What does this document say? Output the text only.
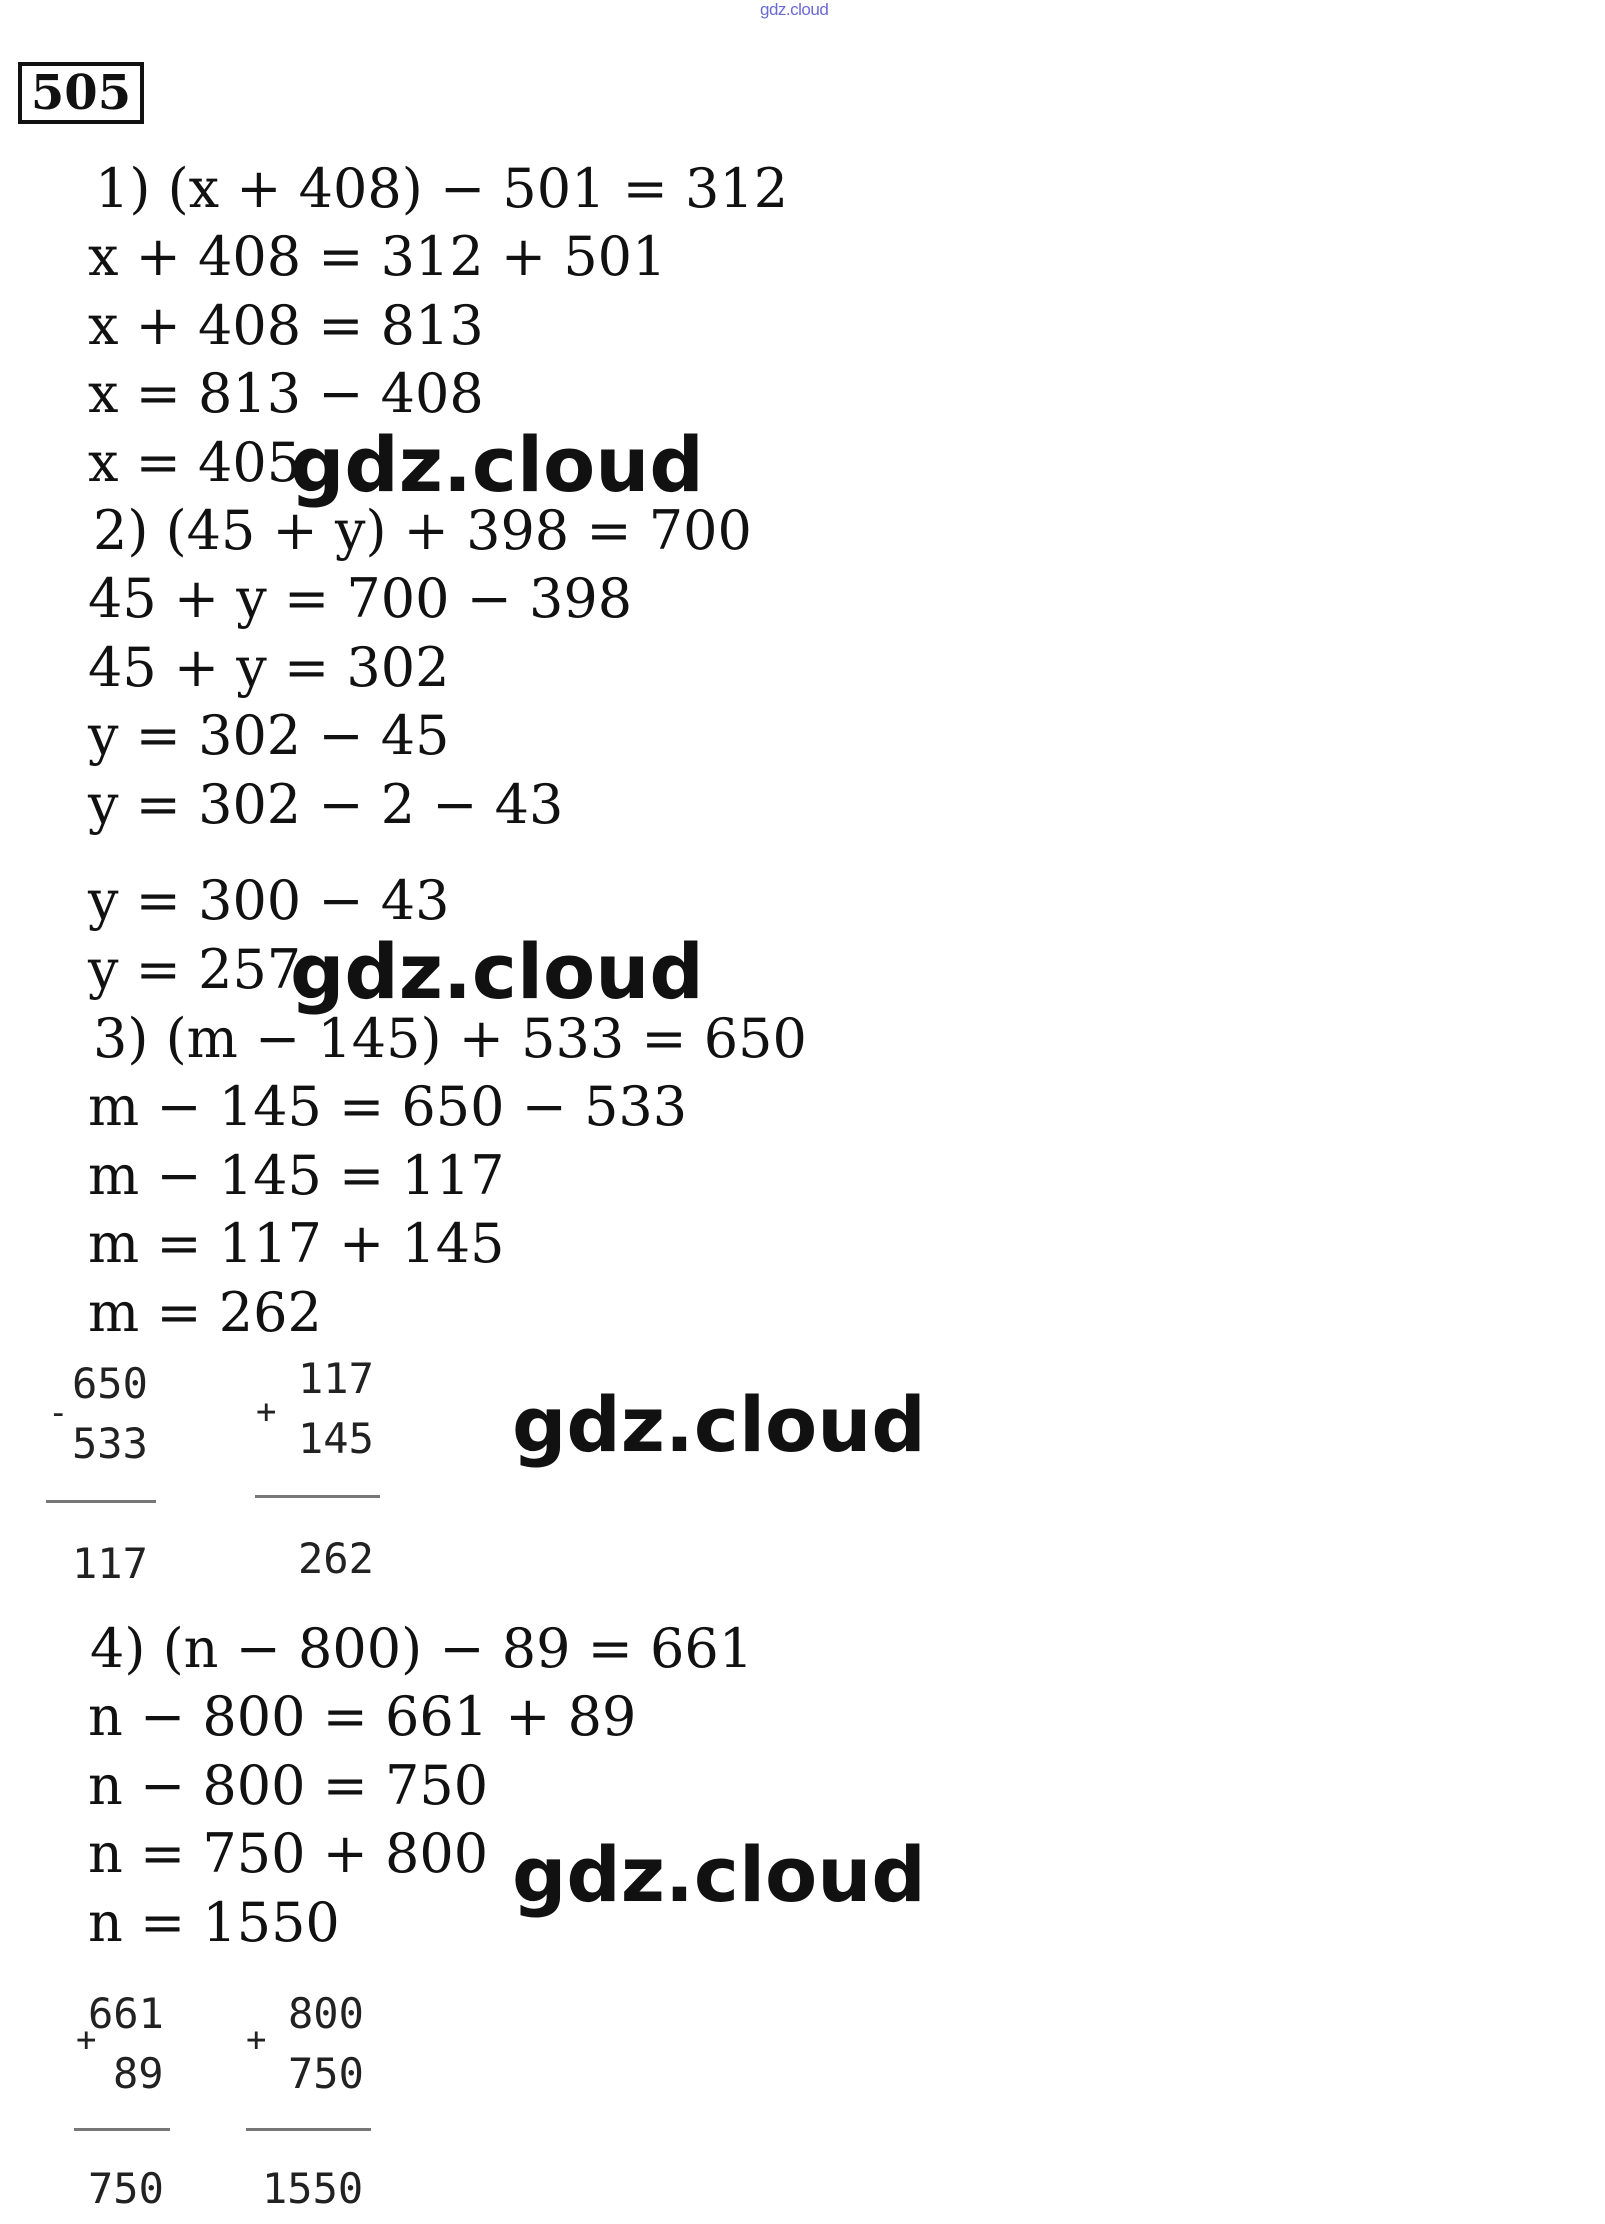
gdz.cloud
505
1) (x + 408) − 501 = 312
x + 408 = 312 + 501
x + 408 = 813
x = 813 − 408
x = 405
gdz.cloud
2) (45 + y) + 398 = 700
45 + y = 700 − 398
45 + y = 302
y = 302 − 45
y = 302 − 2 − 43
y = 300 − 43
y = 257
gdz.cloud
3) (m − 145) + 533 = 650
m − 145 = 650 − 533
m − 145 = 117
m = 117 + 145
m = 262
-
650
533
117
+
117
145
262
gdz.cloud
4) (n − 800) − 89 = 661
n − 800 = 661 + 89
n − 800 = 750
n = 750 + 800
n = 1550
gdz.cloud
+
661
89
750
+
800
750
1550
